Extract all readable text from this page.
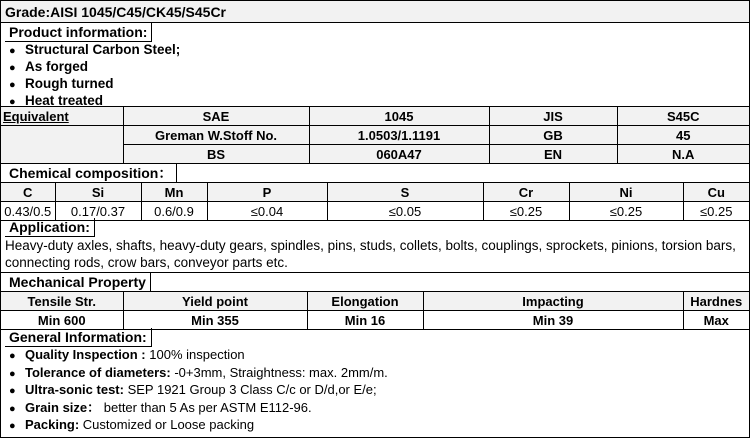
Grade:AISI 1045/C45/CK45/S45Cr
Product information:
● Structural Carbon Steel;
● As forged
● Rough turned
● Heat treated
Equivalent	SAE	1045	JIS	S45C
	Greman W.Stoff No.	1.0503/1.1191	GB	45
	BS	060A47	EN	N.A
Chemical composition：
C	Si	Mn	P	S	Cr	Ni	Cu
0.43/0.5	0.17/0.37	0.6/0.9	≤0.04	≤0.05	≤0.25	≤0.25	≤0.25
Application:
Heavy-duty axles, shafts, heavy-duty gears, spindles, pins, studs, collets, bolts, couplings, sprockets, pinions, torsion bars, connecting rods, crow bars, conveyor parts etc.
Mechanical Property
Tensile Str.	Yield point	Elongation	Impacting	Hardnes
Min 600	Min 355	Min 16	Min 39	Max
General Information:
● Quality Inspection : 100% inspection
● Tolerance of diameters: -0+3mm, Straightness: max. 2mm/m.
● Ultra-sonic test: SEP 1921 Group 3 Class C/c or D/d,or E/e;
● Grain size： better than 5 As per ASTM E112-96.
● Packing: Customized or Loose packing
